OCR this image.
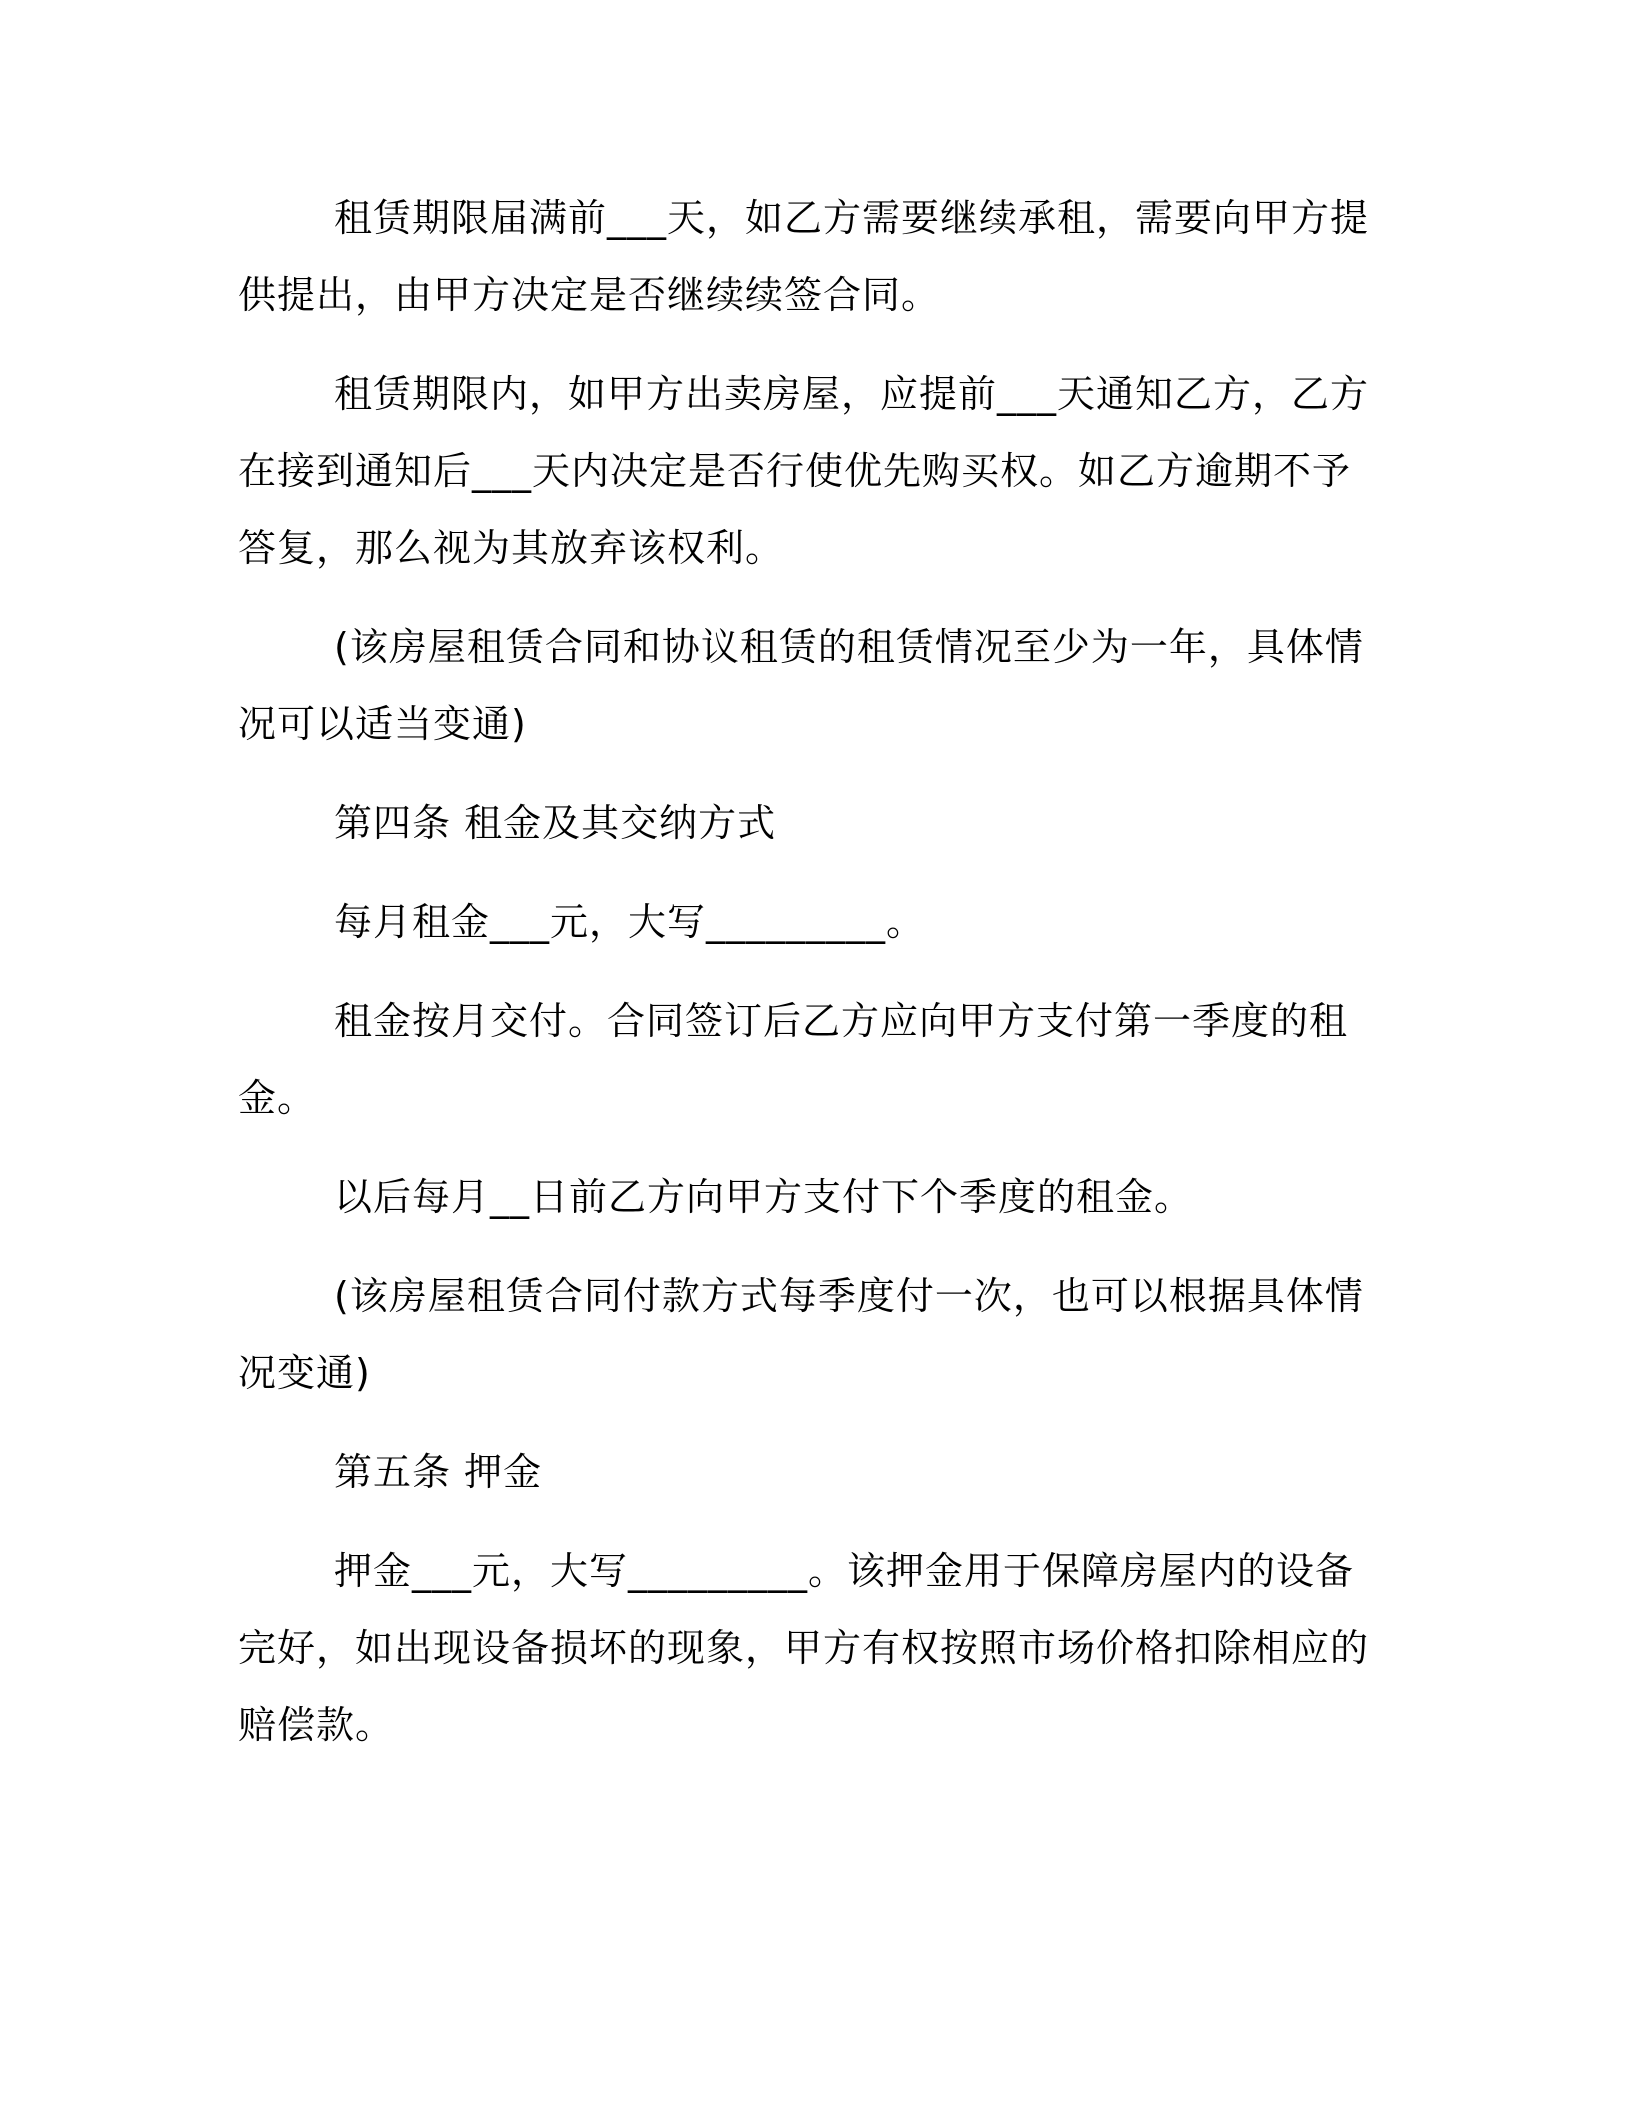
租赁期限届满前___天，如乙方需要继续承租，需要向甲方提供提出，由甲方决定是否继续续签合同。

租赁期限内，如甲方出卖房屋，应提前___天通知乙方，乙方在接到通知后___天内决定是否行使优先购买权。如乙方逾期不予答复，那么视为其放弃该权利。

(该房屋租赁合同和协议租赁的租赁情况至少为一年，具体情况可以适当变通)

第四条 租金及其交纳方式

每月租金___元，大写_________。

租金按月交付。合同签订后乙方应向甲方支付第一季度的租金。

以后每月__日前乙方向甲方支付下个季度的租金。

(该房屋租赁合同付款方式每季度付一次，也可以根据具体情况变通)

第五条 押金

押金___元，大写_________。该押金用于保障房屋内的设备完好，如出现设备损坏的现象，甲方有权按照市场价格扣除相应的赔偿款。
